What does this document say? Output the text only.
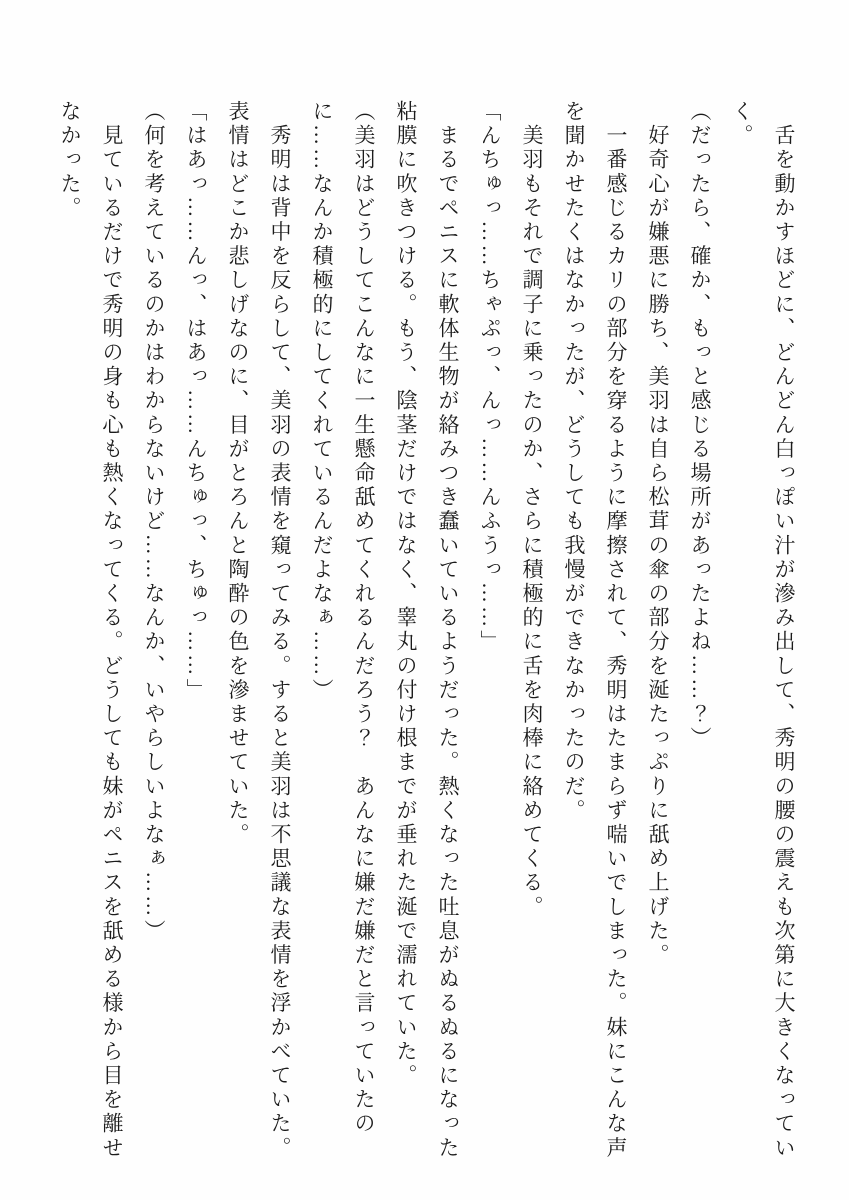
　舌を動かすほどに、どんどん白っぽい汁が滲み出して、秀明の腰の震えも次第に大きくなっていく。

（だったら、確か、もっと感じる場所があったよね……？）

　好奇心が嫌悪に勝ち、美羽は自ら松茸の傘の部分を涎たっぷりに舐め上げた。

　一番感じるカリの部分を穿るように摩擦されて、秀明はたまらず喘いでしまった。妹にこんな声を聞かせたくはなかったが、どうしても我慢ができなかったのだ。

　美羽もそれで調子に乗ったのか、さらに積極的に舌を肉棒に絡めてくる。

「んちゅっ……ちゃぷっ、んっ……んふうっ……」

　まるでペニスに軟体生物が絡みつき蠢いているようだった。熱くなった吐息がぬるぬるになった粘膜に吹きつける。もう、陰茎だけではなく、睾丸の付け根までが垂れた涎で濡れていた。

（美羽はどうしてこんなに一生懸命舐めてくれるんだろう？　あんなに嫌だ嫌だと言っていたのに……なんか積極的にしてくれているんだよなぁ……）

　秀明は背中を反らして、美羽の表情を窺ってみる。すると美羽は不思議な表情を浮かべていた。表情はどこか悲しげなのに、目がとろんと陶酔の色を滲ませていた。

「はあっ……んっ、はあっ……んちゅっ、ちゅっ……」

（何を考えているのかはわからないけど……なんか、いやらしいよなぁ……）

　見ているだけで秀明の身も心も熱くなってくる。どうしても妹がペニスを舐める様から目を離せなかった。
